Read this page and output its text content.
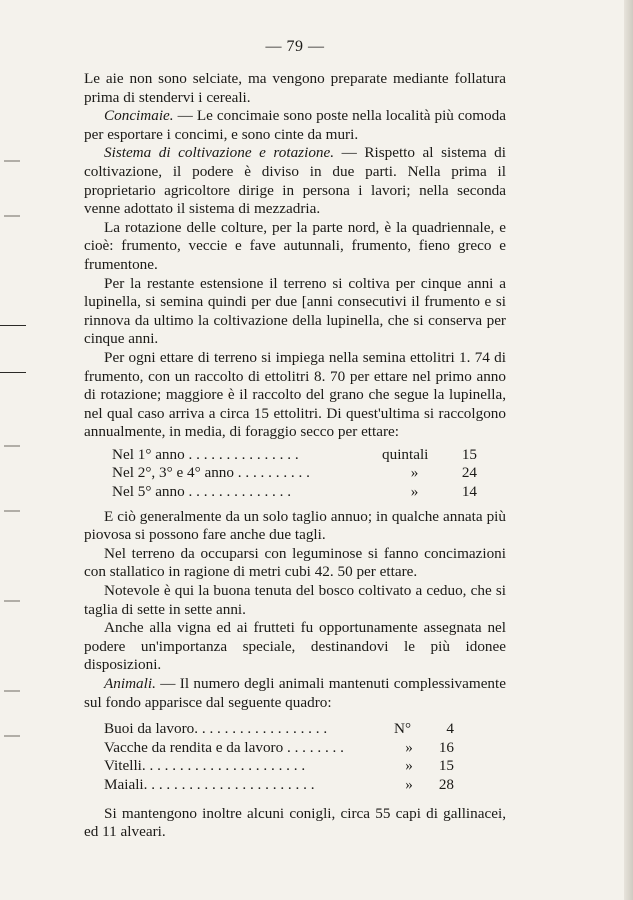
— 79 —

Le aie non sono selciate, ma vengono preparate mediante follatura prima di stendervi i cereali.

Concimaie. — Le concimaie sono poste nella località più comoda per esportare i concimi, e sono cinte da muri.

Sistema di coltivazione e rotazione. — Rispetto al sistema di coltivazione, il podere è diviso in due parti. Nella prima il proprietario agricoltore dirige in persona i lavori; nella seconda venne adottato il sistema di mezzadria.

La rotazione delle colture, per la parte nord, è la quadriennale, e cioè: frumento, veccie e fave autunnali, frumento, fieno greco e frumentone.

Per la restante estensione il terreno si coltiva per cinque anni a lupinella, si semina quindi per due [anni consecutivi il frumento e si rinnova da ultimo la coltivazione della lupinella, che si conserva per cinque anni.

Per ogni ettare di terreno si impiega nella semina ettolitri 1. 74 di frumento, con un raccolto di ettolitri 8. 70 per ettare nel primo anno di rotazione; maggiore è il raccolto del grano che segue la lupinella, nel qual caso arriva a circa 15 ettolitri. Di quest'ultima si raccolgono annualmente, in media, di foraggio secco per ettare:

Nel 1° anno . . . . . . . . . . . . . . .	quintali	15
Nel 2°, 3° e 4° anno . . . . . . . . . .	»	24
Nel 5° anno . . . . . . . . . . . . . .	»	14

E ciò generalmente da un solo taglio annuo; in qualche annata più piovosa si possono fare anche due tagli.

Nel terreno da occuparsi con leguminose si fanno concimazioni con stallatico in ragione di metri cubi 42. 50 per ettare.

Notevole è qui la buona tenuta del bosco coltivato a ceduo, che si taglia di sette in sette anni.

Anche alla vigna ed ai frutteti fu opportunamente assegnata nel podere un'importanza speciale, destinandovi le più idonee disposizioni.

Animali. — Il numero degli animali mantenuti complessivamente sul fondo apparisce dal seguente quadro:

Buoi da lavoro. . . . . . . . . . . . . . . . . .	N°	4
Vacche da rendita e da lavoro . . . . . . . .	»	16
Vitelli. . . . . . . . . . . . . . . . . . . . . .	»	15
Maiali. . . . . . . . . . . . . . . . . . . . . . .	»	28

Si mantengono inoltre alcuni conigli, circa 55 capi di gallinacei, ed 11 alveari.
